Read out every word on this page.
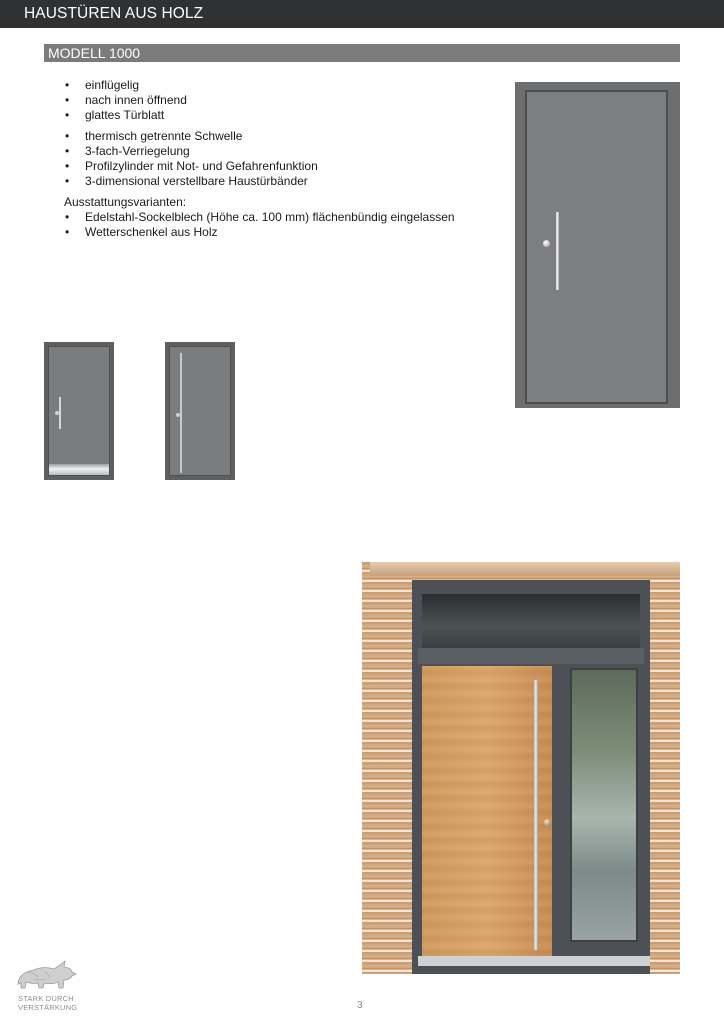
HAUSTÜREN AUS HOLZ
MODELL 1000
• einflügelig
• nach innen öffnend
• glattes Türblatt
• thermisch getrennte Schwelle
• 3-fach-Verriegelung
• Profilzylinder mit Not- und Gefahrenfunktion
• 3-dimensional verstellbare Haustürbänder
Ausstattungsvarianten:
• Edelstahl-Sockelblech (Höhe ca. 100 mm) flächenbündig eingelassen
• Wetterschenkel aus Holz
STARK DURCH
VERSTÄRKUNG	3
